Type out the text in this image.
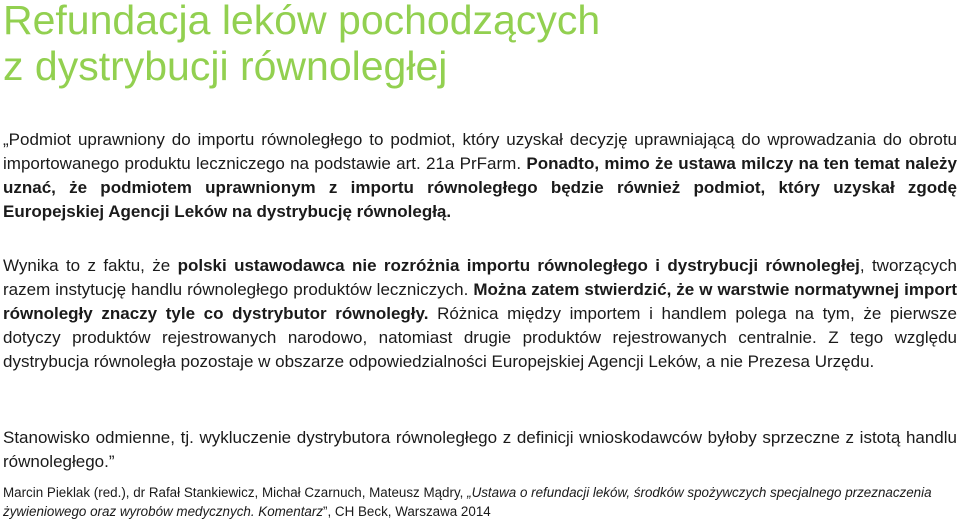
Refundacja leków pochodzących
z dystrybucji równoległej

„Podmiot uprawniony do importu równoległego to podmiot, który uzyskał decyzję uprawniającą do wprowadzania do obrotu importowanego produktu leczniczego na podstawie art. 21a PrFarm. Ponadto, mimo że ustawa milczy na ten temat należy uznać, że podmiotem uprawnionym z importu równoległego będzie również podmiot, który uzyskał zgodę Europejskiej Agencji Leków na dystrybucję równoległą.

Wynika to z faktu, że polski ustawodawca nie rozróżnia importu równoległego i dystrybucji równoległej, tworzących razem instytucję handlu równoległego produktów leczniczych. Można zatem stwierdzić, że w warstwie normatywnej import równoległy znaczy tyle co dystrybutor równoległy. Różnica między importem i handlem polega na tym, że pierwsze dotyczy produktów rejestrowanych narodowo, natomiast drugie produktów rejestrowanych centralnie. Z tego względu dystrybucja równoległa pozostaje w obszarze odpowiedzialności Europejskiej Agencji Leków, a nie Prezesa Urzędu.

Stanowisko odmienne, tj. wykluczenie dystrybutora równoległego z definicji wnioskodawców byłoby sprzeczne z istotą handlu równoległego.”

Marcin Pieklak (red.), dr Rafał Stankiewicz, Michał Czarnuch, Mateusz Mądry, „Ustawa o refundacji leków, środków spożywczych specjalnego przeznaczenia żywieniowego oraz wyrobów medycznych. Komentarz”, CH Beck, Warszawa 2014
